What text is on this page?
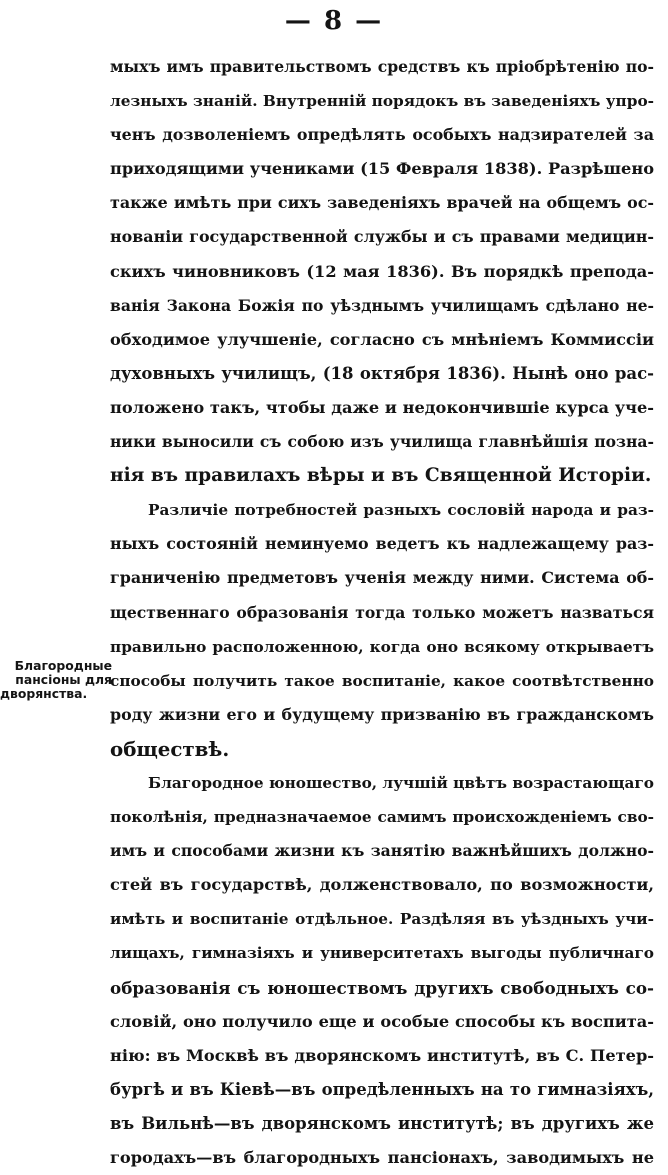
— 8 —
Благородные
пансіоны для
дворянства.
мыхъ имъ правительствомъ средствъ къ пріобрѣтенію по-
лезныхъ знаній. Внутренній порядокъ въ заведеніяхъ упро-
ченъ дозволеніемъ опредѣлять особыхъ надзирателей за
приходящими учениками (15 Февраля 1838). Разрѣшено
также имѣть при сихъ заведеніяхъ врачей на общемъ ос-
нованіи государственной службы и съ правами медицин-
скихъ чиновниковъ (12 мая 1836). Въ порядкѣ препода-
ванія Закона Божія по уѣзднымъ училищамъ сдѣлано не-
обходимое улучшеніе, согласно съ мнѣніемъ Коммиссіи
духовныхъ училищъ, (18 октября 1836). Нынѣ оно рас-
положено такъ, чтобы даже и недокончившіе курса уче-
ники выносили съ собою изъ училища главнѣйшія позна-
нія въ правилахъ вѣры и въ Священной Исторіи.
Различіе потребностей разныхъ сословій народа и раз-
ныхъ состояній неминуемо ведетъ къ надлежащему раз-
граниченію предметовъ ученія между ними. Система об-
щественнаго образованія тогда только можетъ назваться
правильно расположенною, когда оно всякому открываетъ
способы получить такое воспитаніе, какое соотвѣтственно
роду жизни его и будущему призванію въ гражданскомъ
обществѣ.
Благородное юношество, лучшій цвѣтъ возрастающаго
поколѣнія, предназначаемое самимъ происхожденіемъ сво-
имъ и способами жизни къ занятію важнѣйшихъ должно-
стей въ государствѣ, долженствовало, по возможности,
имѣть и воспитаніе отдѣльное. Раздѣляя въ уѣздныхъ учи-
лищахъ, гимназіяхъ и университетахъ выгоды публичнаго
образованія съ юношествомъ другихъ свободныхъ со-
словій, оно получило еще и особые способы къ воспита-
нію: въ Москвѣ въ дворянскомъ институтѣ, въ С. Петер-
бургѣ и въ Кіевѣ—въ опредѣленныхъ на то гимназіяхъ,
въ Вильнѣ—въ дворянскомъ институтѣ; въ другихъ же
городахъ—въ благородныхъ пансіонахъ, заводимыхъ не
